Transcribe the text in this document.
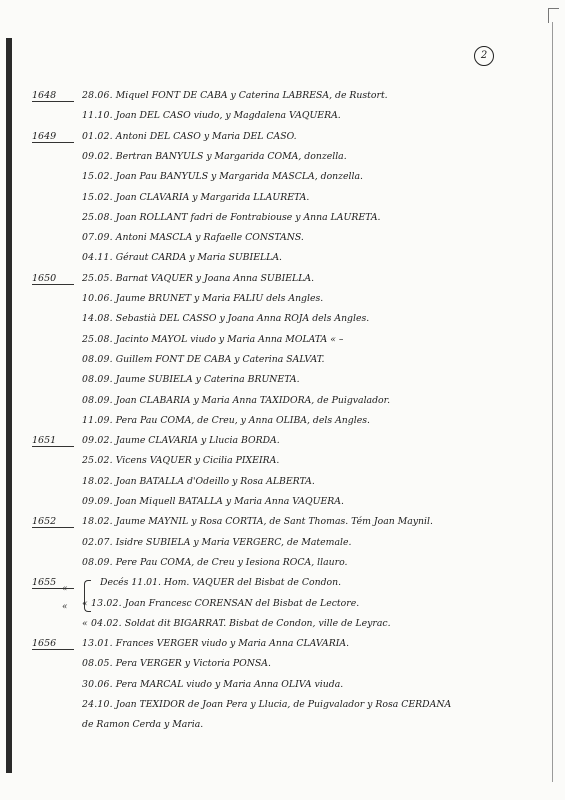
2
«
«
1648	28.06. Miquel FONT DE CABA y Caterina LABRESA, de Rustort.
11.10. Joan DEL CASO viudo, y Magdalena VAQUERA.
1649	01.02. Antoni DEL CASO y Maria DEL CASO.
09.02. Bertran BANYULS y Margarida COMA, donzella.
15.02. Joan Pau BANYULS y Margarida MASCLA, donzella.
15.02. Joan CLAVARIA y Margarida LLAURETA.
25.08. Joan ROLLANT fadri de Fontrabiouse y Anna LAURETA.
07.09. Antoni MASCLA y Rafaelle CONSTANS.
04.11. Géraut CARDA y Maria SUBIELLA.
1650	25.05. Barnat VAQUER y Joana Anna SUBIELLA.
10.06. Jaume BRUNET y Maria FALIU dels Angles.
14.08. Sebastià DEL CASSO y Joana Anna ROJA dels Angles.
25.08. Jacinto MAYOL viudo y Maria Anna MOLATA « –
08.09. Guillem FONT DE CABA y Caterina SALVAT.
08.09. Jaume SUBIELA y Caterina BRUNETA.
08.09. Joan CLABARIA y Maria Anna TAXIDORA, de Puigvalador.
11.09. Pera Pau COMA, de Creu, y Anna OLIBA, dels Angles.
1651	09.02. Jaume CLAVARIA y Llucia BORDA.
25.02. Vicens VAQUER y Cicilia PIXEIRA.
18.02. Joan BATALLA d'Odeillo y Rosa ALBERTA.
09.09. Joan Miquell BATALLA y Maria Anna VAQUERA.
1652	18.02. Jaume MAYNIL y Rosa CORTIA, de Sant Thomas. Tém Joan Maynil.
02.07. Isidre SUBIELA y Maria VERGERC, de Matemale.
08.09. Pere Pau COMA, de Creu y Iesiona ROCA, llauro.
1655	Decés 11.01. Hom. VAQUER del Bisbat de Condon.
« 13.02. Joan Francesc CORENSAN del Bisbat de Lectore.
« 04.02. Soldat dit BIGARRAT. Bisbat de Condon, ville de Leyrac.
1656	13.01. Frances VERGER viudo y Maria Anna CLAVARIA.
08.05. Pera VERGER y Victoria PONSA.
30.06. Pera MARCAL viudo y Maria Anna OLIVA viuda.
24.10. Joan TEXIDOR de Joan Pera y Llucia, de Puigvalador y Rosa CERDANA
de Ramon Cerda y Maria.
